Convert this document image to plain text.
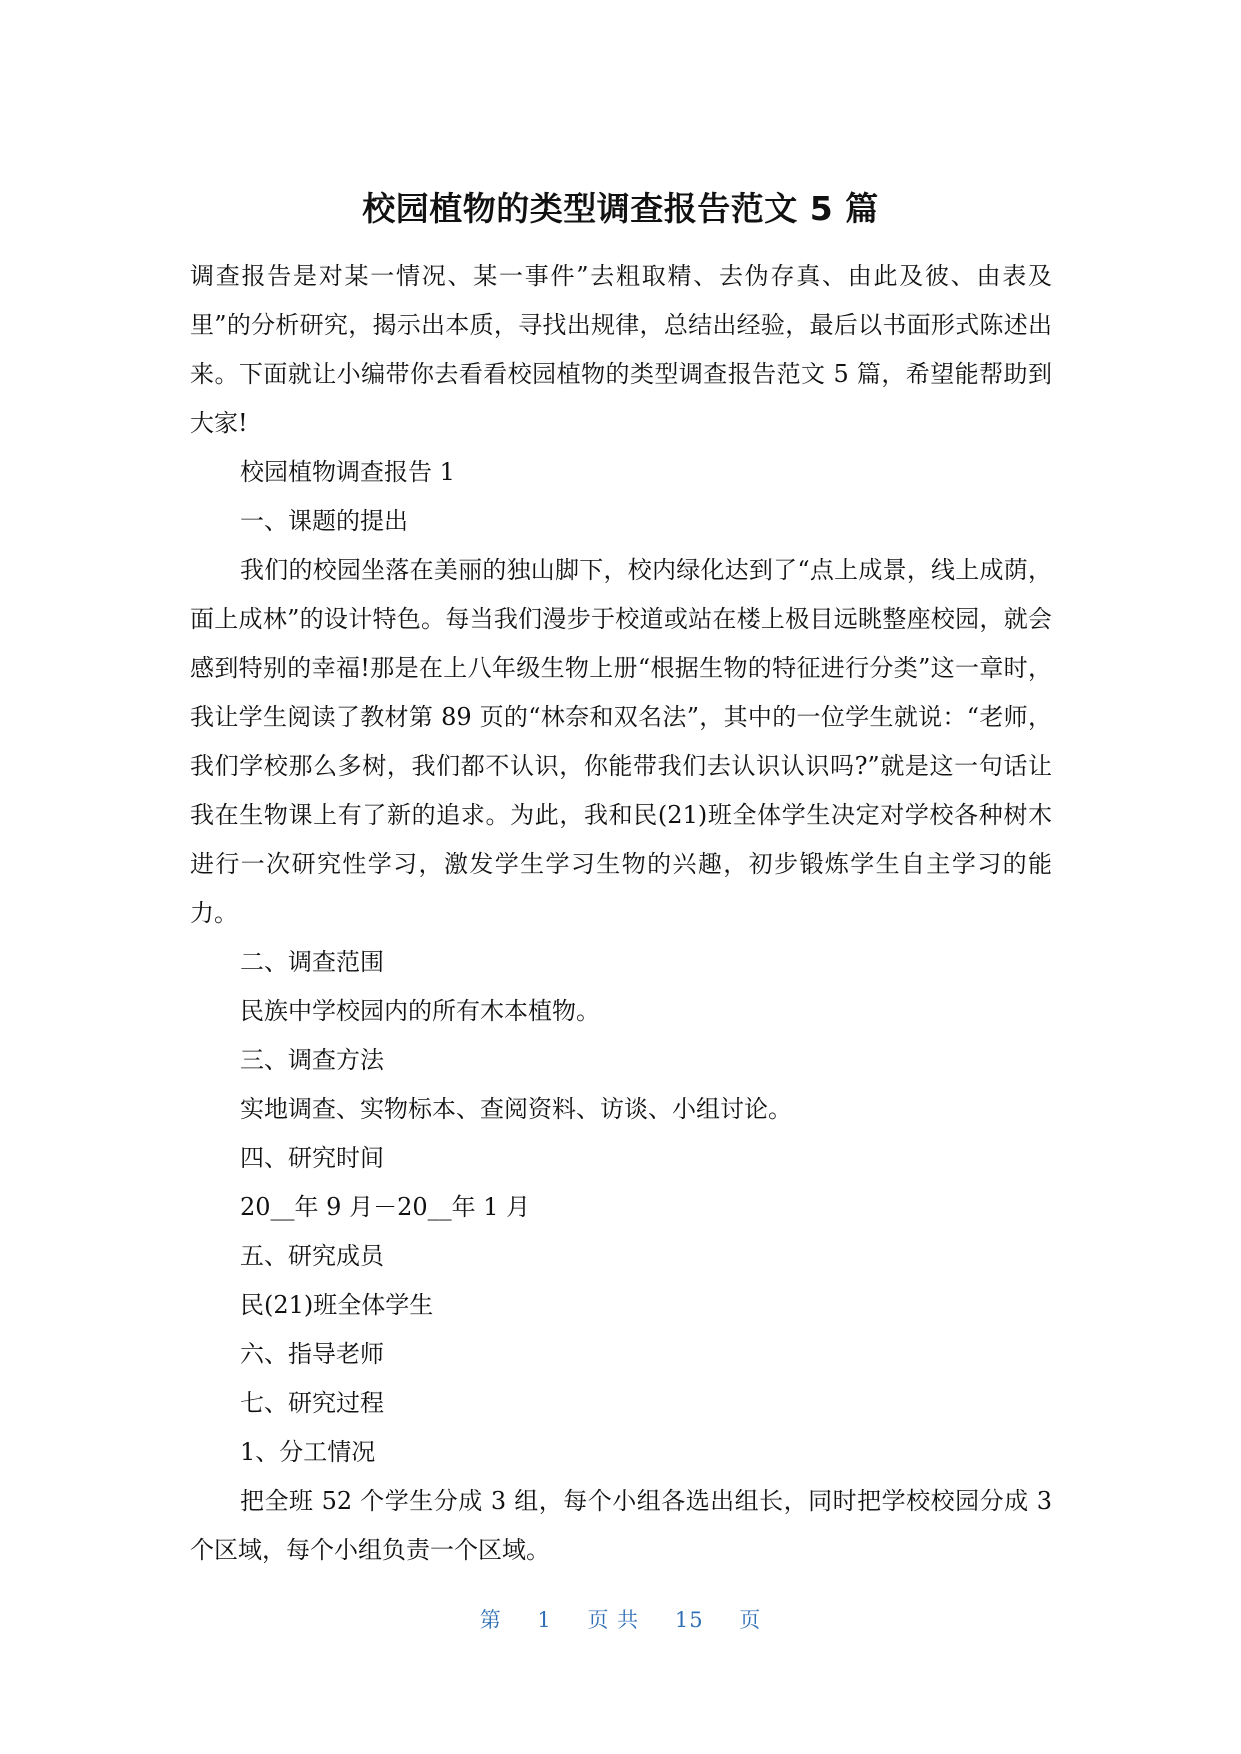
校园植物的类型调查报告范文 5 篇

调查报告是对某一情况、某一事件”去粗取精、去伪存真、由此及彼、由表及里”的分析研究，揭示出本质，寻找出规律，总结出经验，最后以书面形式陈述出来。下面就让小编带你去看看校园植物的类型调查报告范文 5 篇，希望能帮助到大家!

校园植物调查报告 1

一、课题的提出

我们的校园坐落在美丽的独山脚下，校内绿化达到了“点上成景，线上成荫，面上成林”的设计特色。每当我们漫步于校道或站在楼上极目远眺整座校园，就会感到特别的幸福!那是在上八年级生物上册“根据生物的特征进行分类”这一章时，我让学生阅读了教材第 89 页的“林奈和双名法”，其中的一位学生就说：“老师，我们学校那么多树，我们都不认识，你能带我们去认识认识吗?”就是这一句话让我在生物课上有了新的追求。为此，我和民(21)班全体学生决定对学校各种树木进行一次研究性学习，激发学生学习生物的兴趣，初步锻炼学生自主学习的能力。

二、调查范围

民族中学校园内的所有木本植物。

三、调查方法

实地调查、实物标本、查阅资料、访谈、小组讨论。

四、研究时间

20__年 9 月－20__年 1 月

五、研究成员

民(21)班全体学生

六、指导老师

七、研究过程

1、分工情况

把全班 52 个学生分成 3 组，每个小组各选出组长，同时把学校校园分成 3 个区域，每个小组负责一个区域。

第 1 页 共 15 页
